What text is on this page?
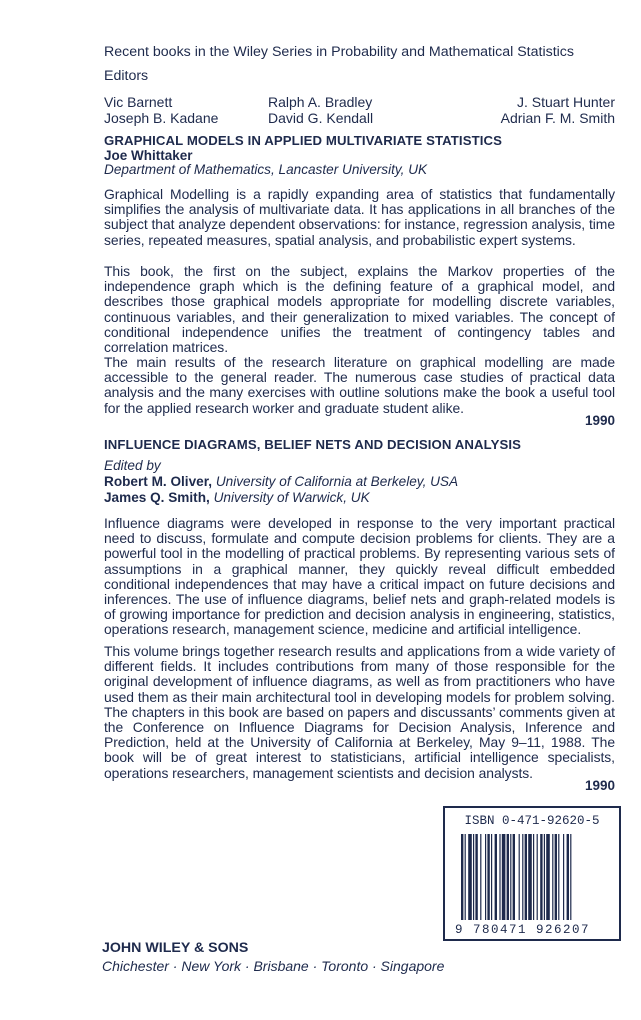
Recent books in the Wiley Series in Probability and Mathematical Statistics
Editors
Vic Barnett
Joseph B. Kadane
Ralph A. Bradley
David G. Kendall
J. Stuart Hunter
Adrian F. M. Smith
GRAPHICAL MODELS IN APPLIED MULTIVARIATE STATISTICS
Joe Whittaker
Department of Mathematics, Lancaster University, UK
Graphical Modelling is a rapidly expanding area of statistics that fundamentally simplifies the analysis of multivariate data. It has applications in all branches of the subject that analyze dependent observations: for instance, regression analysis, time series, repeated measures, spatial analysis, and probabilistic expert systems.
This book, the first on the subject, explains the Markov properties of the independence graph which is the defining feature of a graphical model, and describes those graphical models appropriate for modelling discrete variables, continuous variables, and their generalization to mixed variables. The concept of conditional independence unifies the treatment of contingency tables and correlation matrices.
The main results of the research literature on graphical modelling are made accessible to the general reader. The numerous case studies of practical data analysis and the many exercises with outline solutions make the book a useful tool for the applied research worker and graduate student alike.
1990
INFLUENCE DIAGRAMS, BELIEF NETS AND DECISION ANALYSIS
Edited by
Robert M. Oliver, University of California at Berkeley, USA
James Q. Smith, University of Warwick, UK
Influence diagrams were developed in response to the very important practical need to discuss, formulate and compute decision problems for clients. They are a powerful tool in the modelling of practical problems. By representing various sets of assumptions in a graphical manner, they quickly reveal difficult embedded conditional independences that may have a critical impact on future decisions and inferences. The use of influence diagrams, belief nets and graph-related models is of growing importance for prediction and decision analysis in engineering, statistics, operations research, management science, medicine and artificial intelligence.
This volume brings together research results and applications from a wide variety of different fields. It includes contributions from many of those responsible for the original development of influence diagrams, as well as from practitioners who have used them as their main architectural tool in developing models for problem solving. The chapters in this book are based on papers and discussants’ comments given at the Conference on Influence Diagrams for Decision Analysis, Inference and Prediction, held at the University of California at Berkeley, May 9–11, 1988. The book will be of great interest to statisticians, artificial intelligence specialists, operations researchers, management scientists and decision analysts.
1990
ISBN 0-471-92620-5
9 780471 926207
JOHN WILEY & SONS
Chichester · New York · Brisbane · Toronto · Singapore
